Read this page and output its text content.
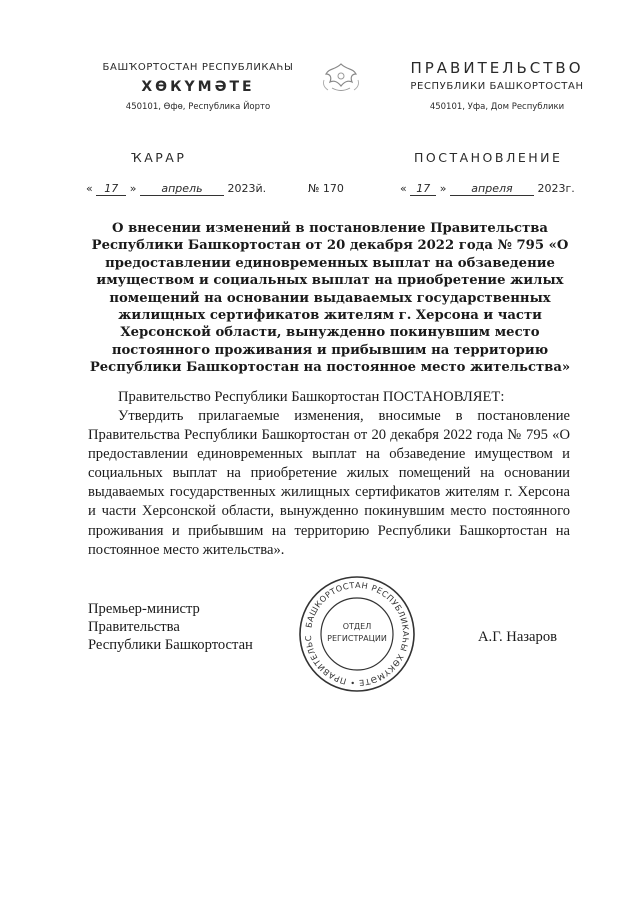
БАШҠОРТОСТАН РЕСПУБЛИКАҺЫ
ХӨКҮМӘТЕ
450101, Өфө, Республика Йорто
ПРАВИТЕЛЬСТВО
РЕСПУБЛИКИ БАШКОРТОСТАН
450101, Уфа, Дом Республики
ҠАРАР	ПОСТАНОВЛЕНИЕ
« 17 » апрель 2023й.	№ 170	« 17 » апреля 2023г.
О внесении изменений в постановление Правительства Республики Башкортостан от 20 декабря 2022 года № 795 «О предоставлении единовременных выплат на обзаведение имуществом и социальных выплат на приобретение жилых помещений на основании выдаваемых государственных жилищных сертификатов жителям г. Херсона и части Херсонской области, вынужденно покинувшим место постоянного проживания и прибывшим на территорию Республики Башкортостан на постоянное место жительства»
Правительство Республики Башкортостан ПОСТАНОВЛЯЕТ:
Утвердить прилагаемые изменения, вносимые в постановление Правительства Республики Башкортостан от 20 декабря 2022 года № 795 «О предоставлении единовременных выплат на обзаведение имуществом и социальных выплат на приобретение жилых помещений на основании выдаваемых государственных жилищных сертификатов жителям г. Херсона и части Херсонской области, вынужденно покинувшим место постоянного проживания и прибывшим на территорию Республики Башкортостан на постоянное место жительства».
Премьер-министр
Правительства
Республики Башкортостан	А.Г. Назаров
БАШКОРТОСТАН РЕСПУБЛИКАҺЫ ХӨКҮМӘТЕ • ПРАВИТЕЛЬС
ОТДЕЛ
РЕГИСТРАЦИИ
